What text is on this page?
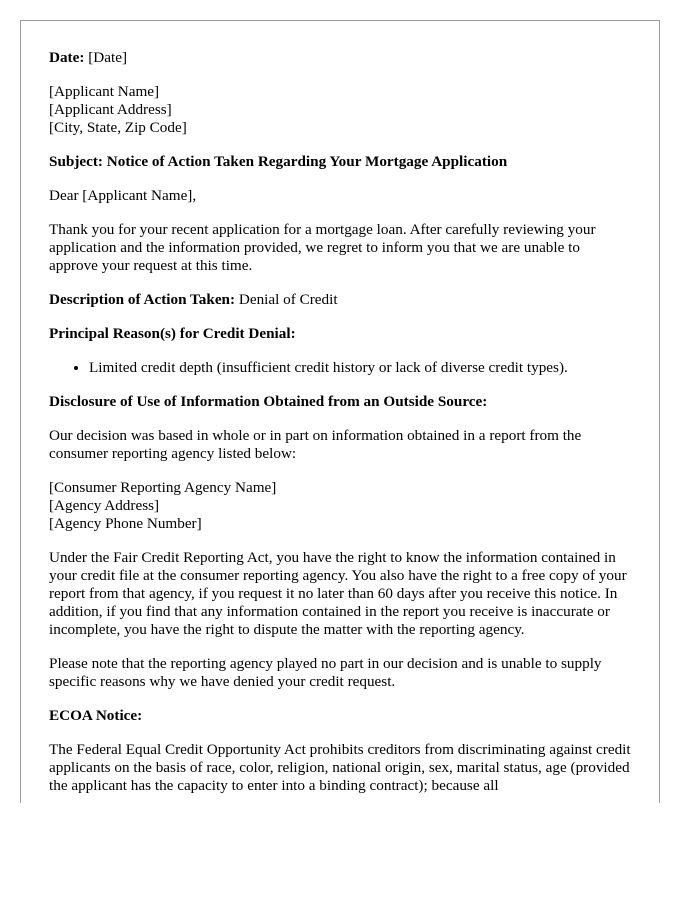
Date: [Date]

[Applicant Name]
[Applicant Address]
[City, State, Zip Code]

Subject: Notice of Action Taken Regarding Your Mortgage Application

Dear [Applicant Name],

Thank you for your recent application for a mortgage loan. After carefully reviewing your application and the information provided, we regret to inform you that we are unable to approve your request at this time.

Description of Action Taken: Denial of Credit

Principal Reason(s) for Credit Denial:

• Limited credit depth (insufficient credit history or lack of diverse credit types).

Disclosure of Use of Information Obtained from an Outside Source:

Our decision was based in whole or in part on information obtained in a report from the consumer reporting agency listed below:

[Consumer Reporting Agency Name]
[Agency Address]
[Agency Phone Number]

Under the Fair Credit Reporting Act, you have the right to know the information contained in your credit file at the consumer reporting agency. You also have the right to a free copy of your report from that agency, if you request it no later than 60 days after you receive this notice. In addition, if you find that any information contained in the report you receive is inaccurate or incomplete, you have the right to dispute the matter with the reporting agency.

Please note that the reporting agency played no part in our decision and is unable to supply specific reasons why we have denied your credit request.

ECOA Notice:

The Federal Equal Credit Opportunity Act prohibits creditors from discriminating against credit applicants on the basis of race, color, religion, national origin, sex, marital status, age (provided the applicant has the capacity to enter into a binding contract); because all
